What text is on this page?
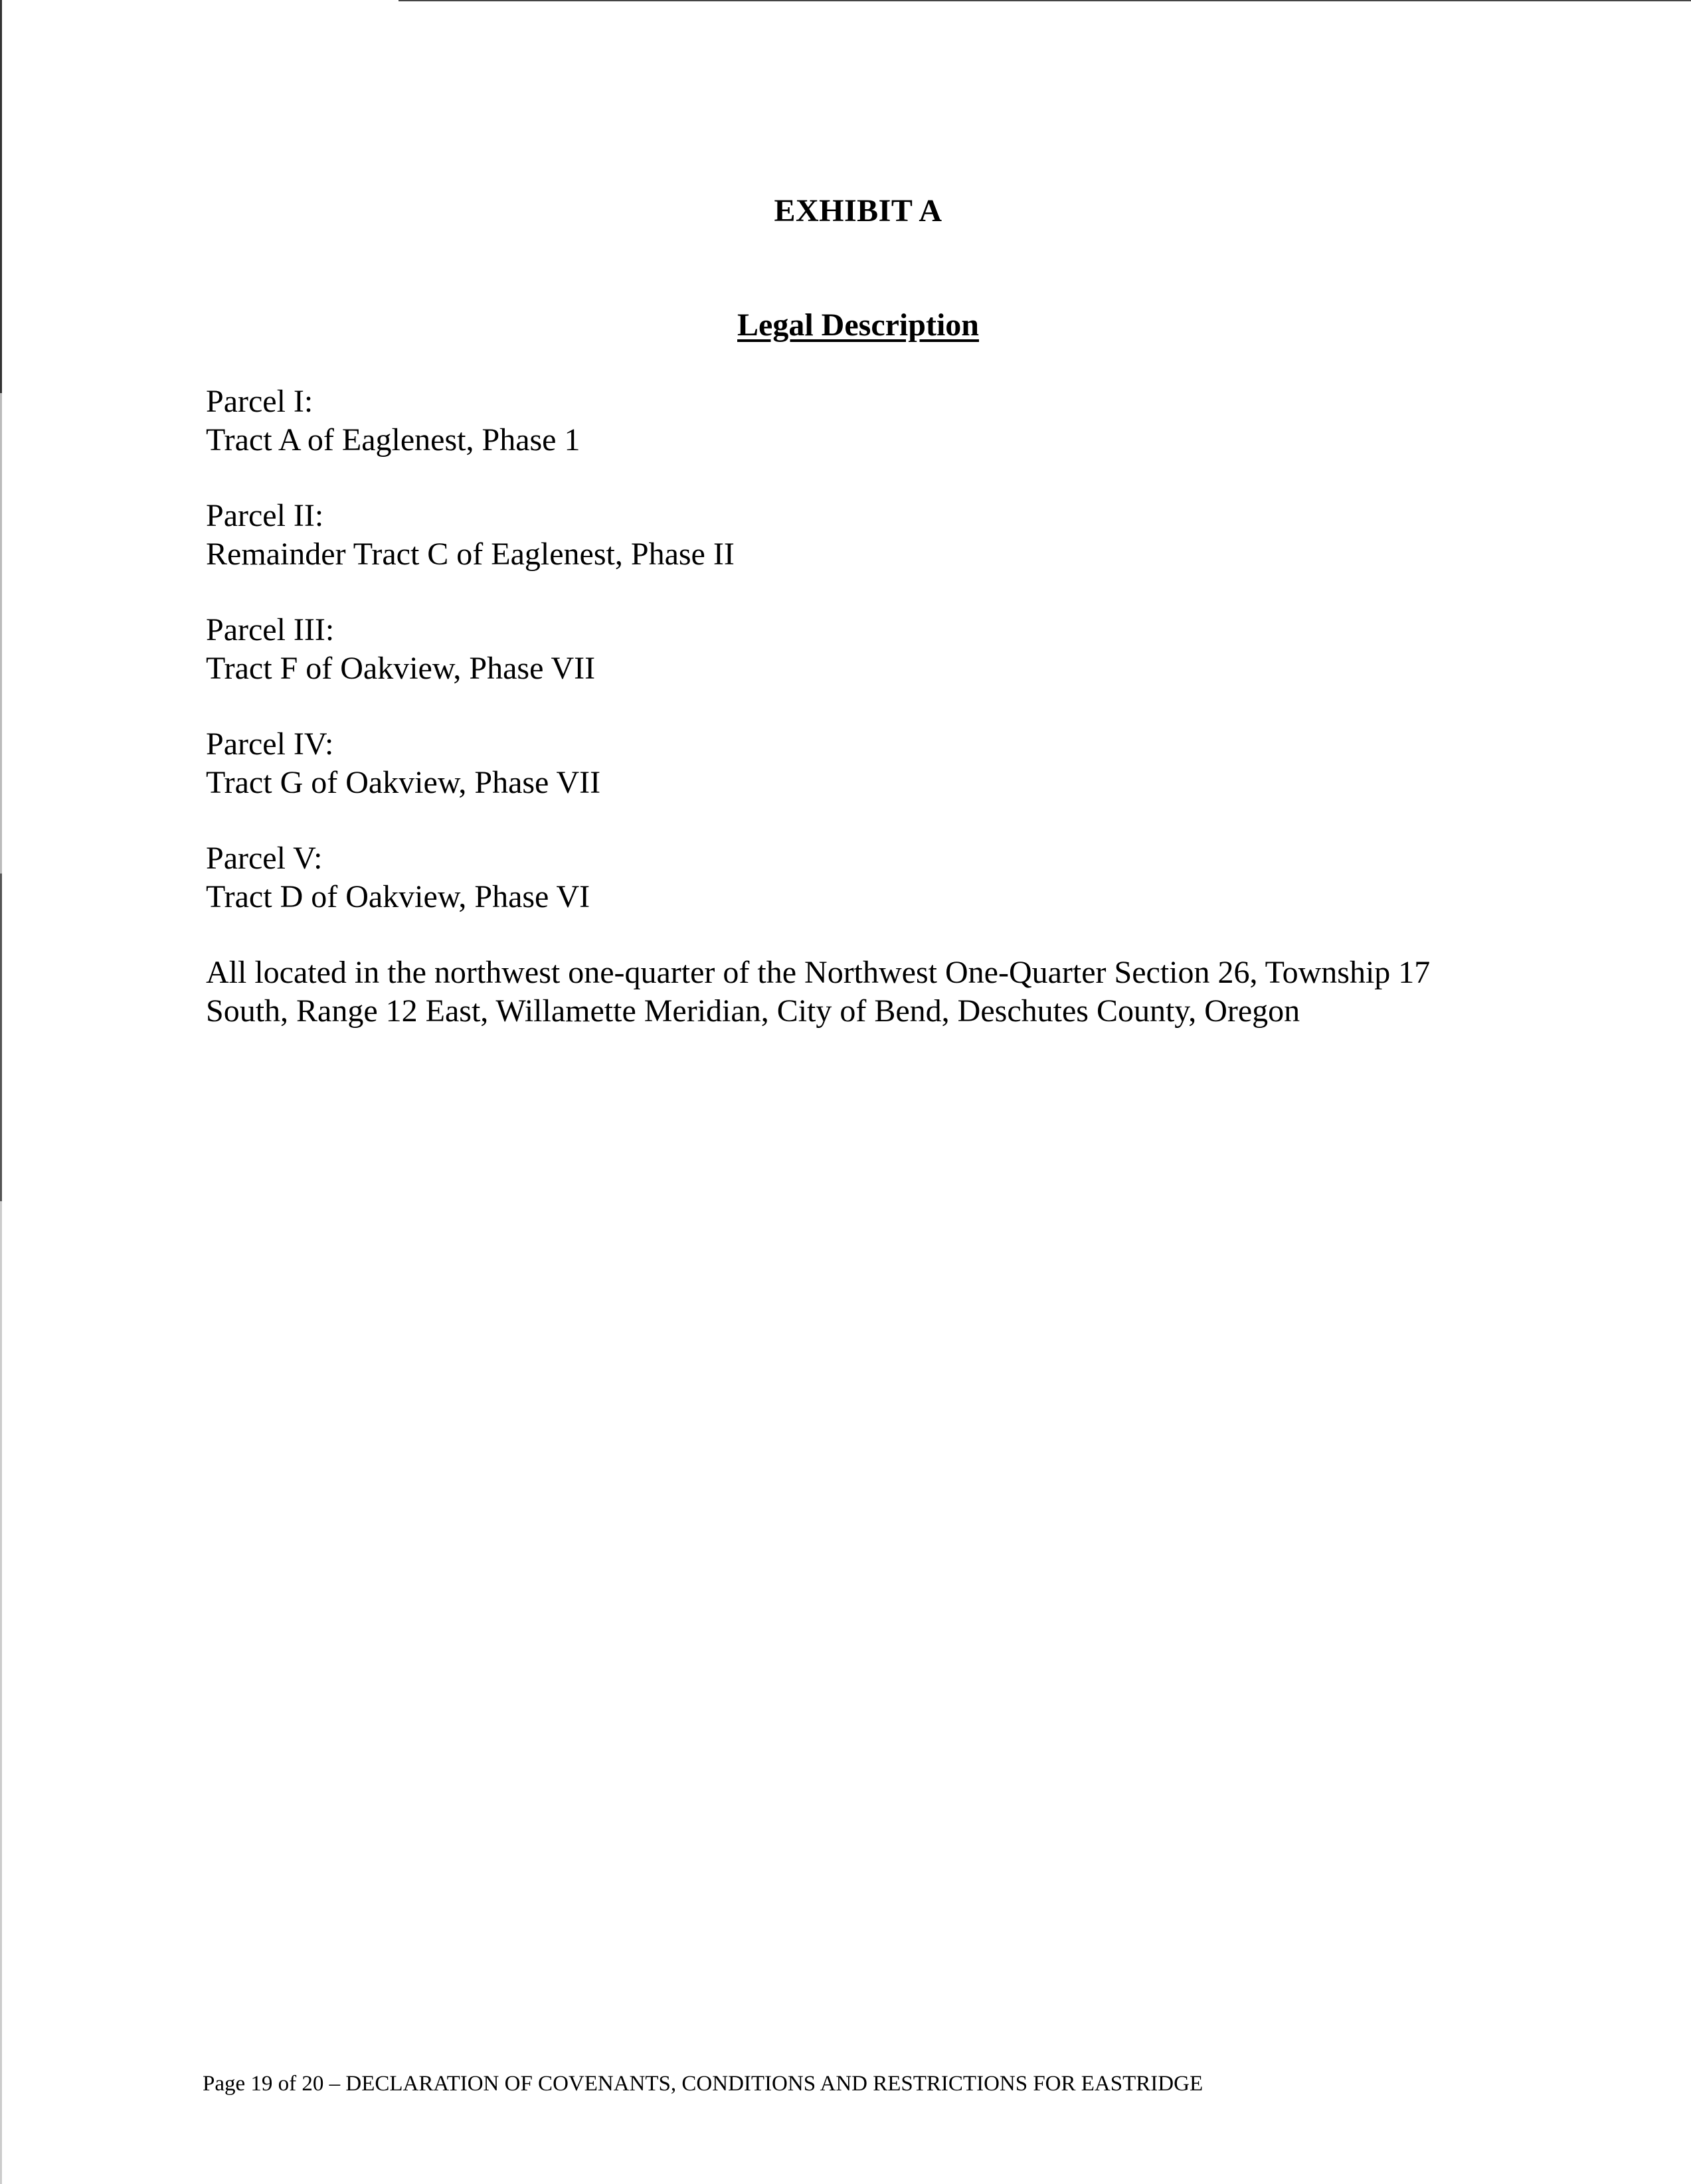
EXHIBIT A
Legal Description
Parcel I:
Tract A of Eaglenest, Phase 1
Parcel II:
Remainder Tract C of Eaglenest, Phase II
Parcel III:
Tract F of Oakview, Phase VII
Parcel IV:
Tract G of Oakview, Phase VII
Parcel V:
Tract D of Oakview, Phase VI
All located in the northwest one-quarter of the Northwest One-Quarter Section 26, Township 17
South, Range 12 East, Willamette Meridian, City of Bend, Deschutes County, Oregon
Page 19 of 20 – DECLARATION OF COVENANTS, CONDITIONS AND RESTRICTIONS FOR EASTRIDGE
